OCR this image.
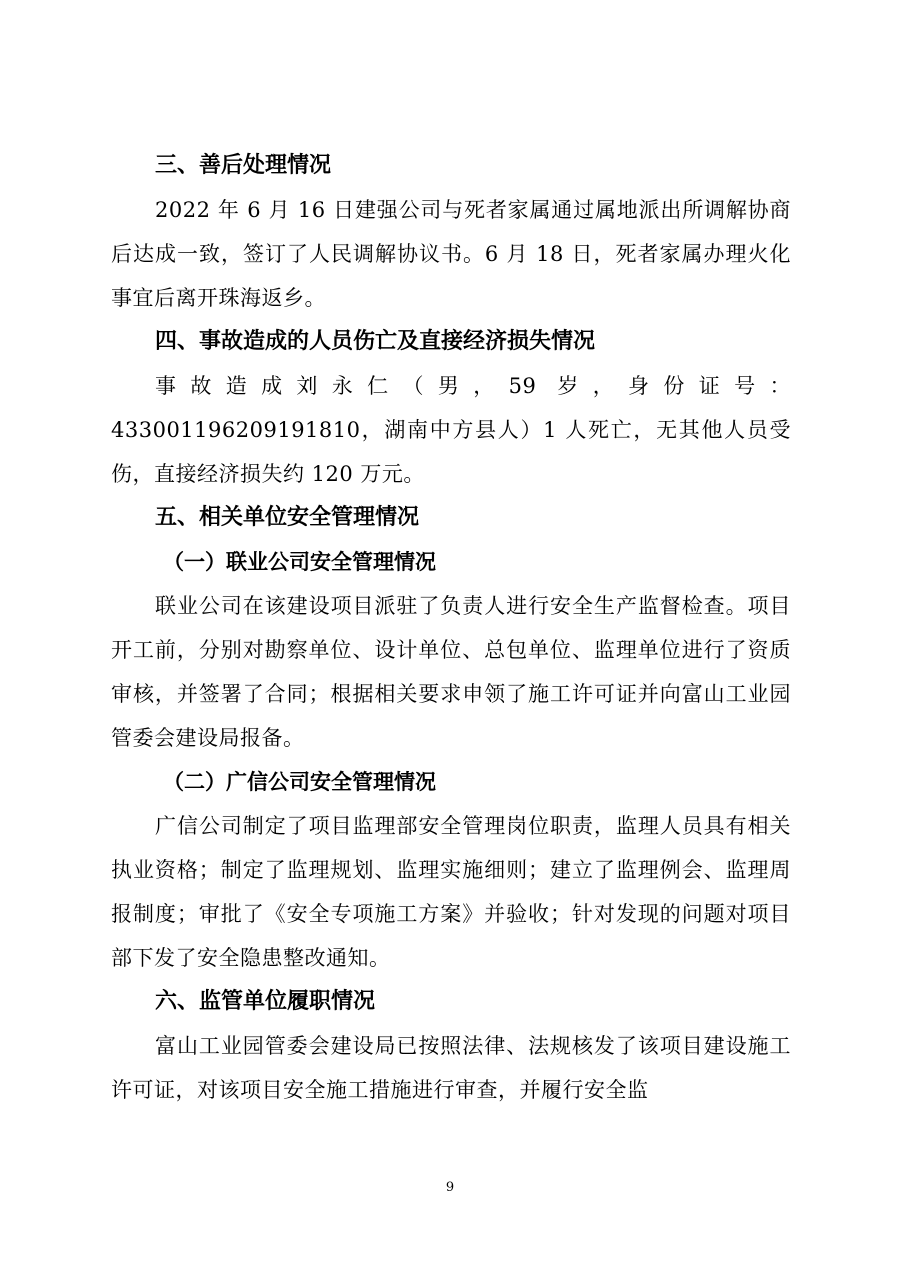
三、善后处理情况

2022 年 6 月 16 日建强公司与死者家属通过属地派出所调解协商后达成一致，签订了人民调解协议书。6 月 18 日，死者家属办理火化事宜后离开珠海返乡。

四、事故造成的人员伤亡及直接经济损失情况

事故造成刘永仁（男，59 岁，身份证号：433001196209191810，湖南中方县人）1 人死亡，无其他人员受伤，直接经济损失约 120 万元。

五、相关单位安全管理情况
（一）联业公司安全管理情况

联业公司在该建设项目派驻了负责人进行安全生产监督检查。项目开工前，分别对勘察单位、设计单位、总包单位、监理单位进行了资质审核，并签署了合同；根据相关要求申领了施工许可证并向富山工业园管委会建设局报备。

（二）广信公司安全管理情况

广信公司制定了项目监理部安全管理岗位职责，监理人员具有相关执业资格；制定了监理规划、监理实施细则；建立了监理例会、监理周报制度；审批了《安全专项施工方案》并验收；针对发现的问题对项目部下发了安全隐患整改通知。

六、监管单位履职情况

富山工业园管委会建设局已按照法律、法规核发了该项目建设施工许可证，对该项目安全施工措施进行审查，并履行安全监

9
